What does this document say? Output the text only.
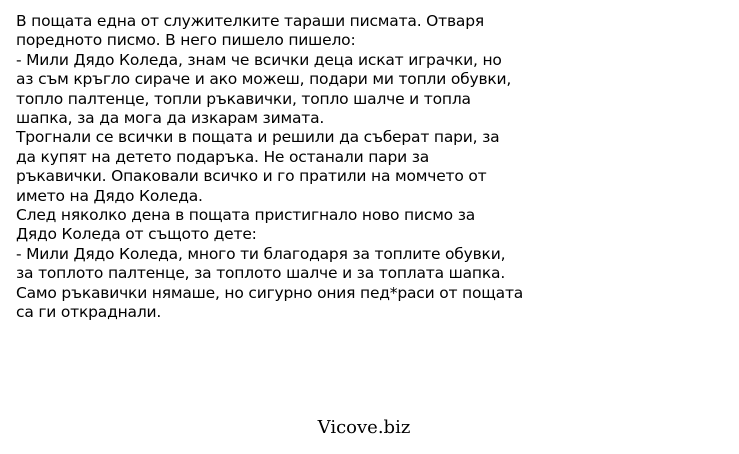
В пощата една от служителките тараши писмата. Отваря
поредното писмо. В него пишело пишело:
- Мили Дядо Коледа, знам че всички деца искат играчки, но
аз съм кръгло сираче и ако можеш, подари ми топли обувки,
топло палтенце, топли ръкавички, топло шалче и топла
шапка, за да мога да изкарам зимата.
Трогнали се всички в пощата и решили да съберат пари, за
да купят на детето подаръка. Не останали пари за
ръкавички. Опаковали всичко и го пратили на момчето от
името на Дядо Коледа.
След няколко дена в пощата пристигнало ново писмо за
Дядо Коледа от същото дете:
- Мили Дядо Коледа, много ти благодаря за топлите обувки,
за топлото палтенце, за топлото шалче и за топлата шапка.
Само ръкавички нямаше, но сигурно ония пед*раси от пощата
са ги откраднали.
Vicove.biz
